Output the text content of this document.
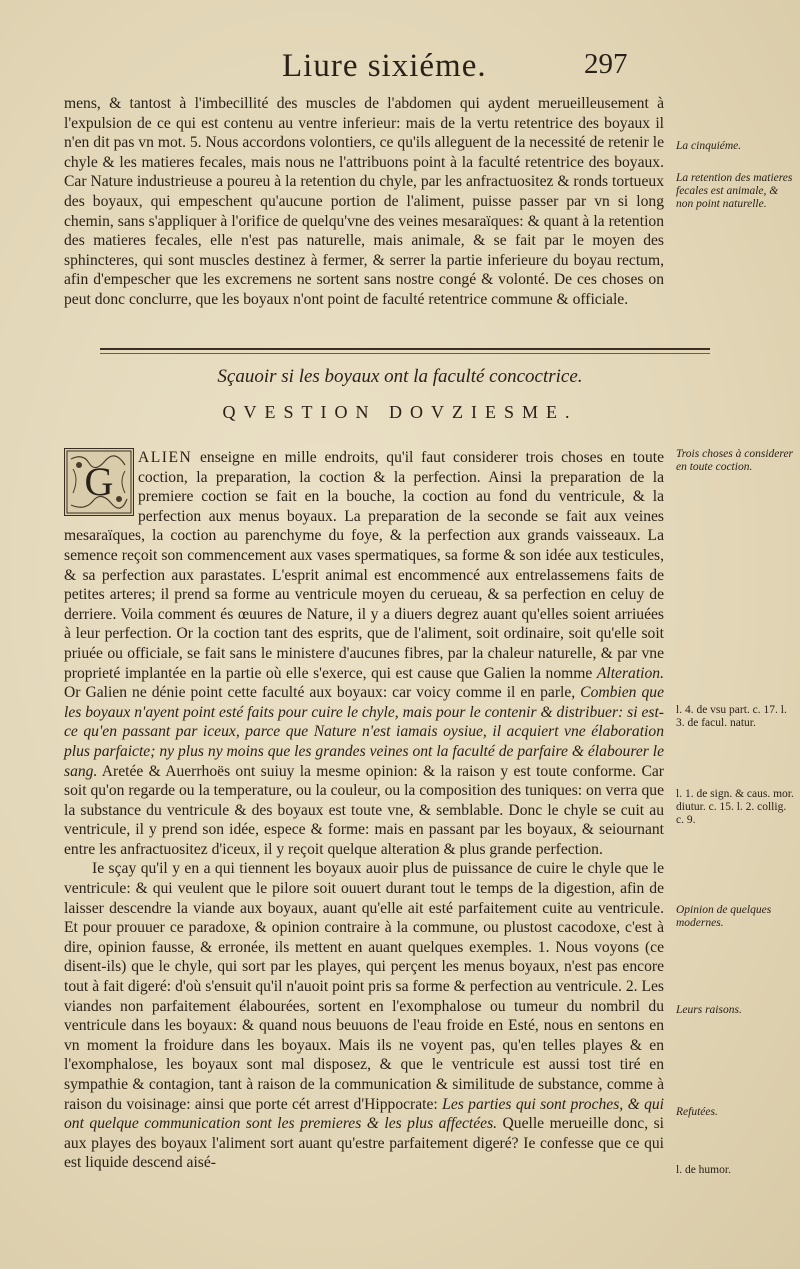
Liure sixiéme.	297

mens, & tantost à l'imbecillité des muscles de l'abdomen qui aydent merueilleusement à l'expulsion de ce qui est contenu au ventre inferieur: mais de la vertu retentrice des boyaux il n'en dit pas vn mot. 5. Nous accordons volontiers, ce qu'ils alleguent de la necessité de retenir le chyle & les matieres fecales, mais nous ne l'attribuons point à la faculté retentrice des boyaux. Car Nature industrieuse a poureu à la retention du chyle, par les anfractuositez & ronds tortueux des boyaux, qui empeschent qu'aucune portion de l'aliment, puisse passer par vn si long chemin, sans s'appliquer à l'orifice de quelqu'vne des veines mesaraïques: & quant à la retention des matieres fecales, elle n'est pas naturelle, mais animale, & se fait par le moyen des sphincteres, qui sont muscles destinez à fermer, & serrer la partie inferieure du boyau rectum, afin d'empescher que les excremens ne sortent sans nostre congé & volonté. De ces choses on peut donc conclurre, que les boyaux n'ont point de faculté retentrice commune & officiale.

Sçauoir si les boyaux ont la faculté concoctrice.
QVESTION DOVZIESME.
G

ALIEN enseigne en mille endroits, qu'il faut considerer trois choses en toute coction, la preparation, la coction & la perfection. Ainsi la preparation de la premiere coction se fait en la bouche, la coction au fond du ventricule, & la perfection aux menus boyaux. La preparation de la seconde se fait aux veines mesaraïques, la coction au parenchyme du foye, & la perfection aux grands vaisseaux. La semence reçoit son commencement aux vases spermatiques, sa forme & son idée aux testicules, & sa perfection aux parastates. L'esprit animal est encommencé aux entrelassemens faits de petites arteres; il prend sa forme au ventricule moyen du cerueau, & sa perfection en celuy de derriere. Voila comment és œuures de Nature, il y a diuers degrez auant qu'elles soient arriuées à leur perfection. Or la coction tant des esprits, que de l'aliment, soit ordinaire, soit qu'elle soit priuée ou officiale, se fait sans le ministere d'aucunes fibres, par la chaleur naturelle, & par vne proprieté implantée en la partie où elle s'exerce, qui est cause que Galien la nomme Alteration. Or Galien ne dénie point cette faculté aux boyaux: car voicy comme il en parle, Combien que les boyaux n'ayent point esté faits pour cuire le chyle, mais pour le contenir & distribuer: si est-ce qu'en passant par iceux, parce que Nature n'est iamais oysiue, il acquiert vne élaboration plus parfaicte; ny plus ny moins que les grandes veines ont la faculté de parfaire & élabourer le sang. Aretée & Auerrhoës ont suiuy la mesme opinion: & la raison y est toute conforme. Car soit qu'on regarde ou la temperature, ou la couleur, ou la composition des tuniques: on verra que la substance du ventricule & des boyaux est toute vne, & semblable. Donc le chyle se cuit au ventricule, il y prend son idée, espece & forme: mais en passant par les boyaux, & seiournant entre les anfractuositez d'iceux, il y reçoit quelque alteration & plus grande perfection.

Ie sçay qu'il y en a qui tiennent les boyaux auoir plus de puissance de cuire le chyle que le ventricule: & qui veulent que le pilore soit ouuert durant tout le temps de la digestion, afin de laisser descendre la viande aux boyaux, auant qu'elle ait esté parfaitement cuite au ventricule. Et pour prouuer ce paradoxe, & opinion contraire à la commune, ou plustost cacodoxe, c'est à dire, opinion fausse, & erronée, ils mettent en auant quelques exemples. 1. Nous voyons (ce disent-ils) que le chyle, qui sort par les playes, qui perçent les menus boyaux, n'est pas encore tout à fait digeré: d'où s'ensuit qu'il n'auoit point pris sa forme & perfection au ventricule. 2. Les viandes non parfaitement élabourées, sortent en l'exomphalose ou tumeur du nombril du ventricule dans les boyaux: & quand nous beuuons de l'eau froide en Esté, nous en sentons en vn moment la froidure dans les boyaux. Mais ils ne voyent pas, qu'en telles playes & en l'exomphalose, les boyaux sont mal disposez, & que le ventricule est aussi tost tiré en sympathie & contagion, tant à raison de la communication & similitude de substance, comme à raison du voisinage: ainsi que porte cét arrest d'Hippocrate: Les parties qui sont proches, & qui ont quelque communication sont les premieres & les plus affectées. Quelle merueille donc, si aux playes des boyaux l'aliment sort auant qu'estre parfaitement digeré? Ie confesse que ce qui est liquide descend aisé-

La cinquiéme.
La retention des matieres fecales est animale, & non point naturelle.
Trois choses à considerer en toute coction.
l. 4. de vsu part. c. 17. l. 3. de facul. natur.
l. 1. de sign. & caus. mor. diutur. c. 15. l. 2. collig. c. 9.
Opinion de quelques modernes.
Leurs raisons.
Refutées.
l. de humor.
